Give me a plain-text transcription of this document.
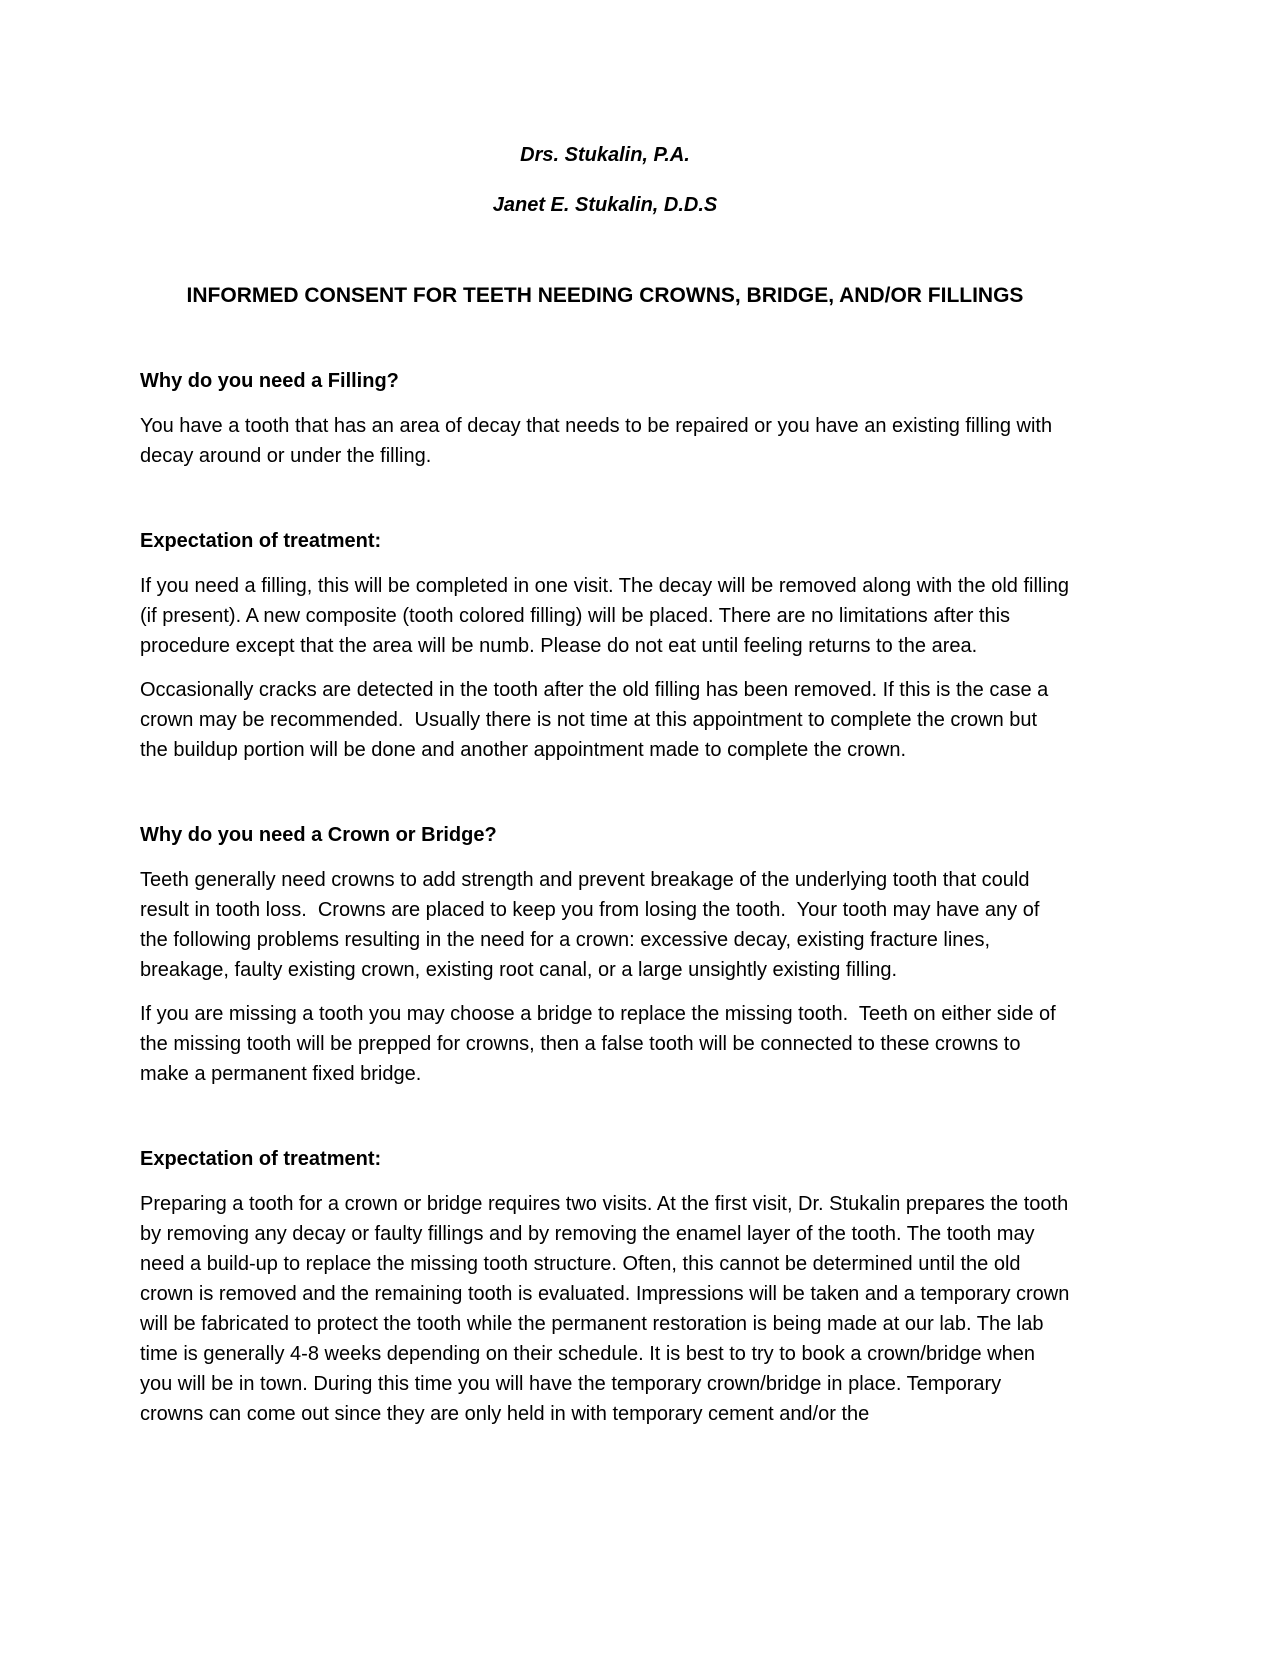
Drs. Stukalin, P.A.

Janet E. Stukalin, D.D.S

INFORMED CONSENT FOR TEETH NEEDING CROWNS, BRIDGE, AND/OR FILLINGS
Why do you need a Filling?

You have a tooth that has an area of decay that needs to be repaired or you have an existing filling with decay around or under the filling.

Expectation of treatment:

If you need a filling, this will be completed in one visit. The decay will be removed along with the old filling (if present). A new composite (tooth colored filling) will be placed. There are no limitations after this procedure except that the area will be numb. Please do not eat until feeling returns to the area.

Occasionally cracks are detected in the tooth after the old filling has been removed. If this is the case a crown may be recommended.  Usually there is not time at this appointment to complete the crown but the buildup portion will be done and another appointment made to complete the crown.

Why do you need a Crown or Bridge?

Teeth generally need crowns to add strength and prevent breakage of the underlying tooth that could result in tooth loss.  Crowns are placed to keep you from losing the tooth.  Your tooth may have any of the following problems resulting in the need for a crown: excessive decay, existing fracture lines, breakage, faulty existing crown, existing root canal, or a large unsightly existing filling.

If you are missing a tooth you may choose a bridge to replace the missing tooth.  Teeth on either side of the missing tooth will be prepped for crowns, then a false tooth will be connected to these crowns to make a permanent fixed bridge.

Expectation of treatment:

Preparing a tooth for a crown or bridge requires two visits. At the first visit, Dr. Stukalin prepares the tooth by removing any decay or faulty fillings and by removing the enamel layer of the tooth. The tooth may need a build-up to replace the missing tooth structure. Often, this cannot be determined until the old crown is removed and the remaining tooth is evaluated. Impressions will be taken and a temporary crown will be fabricated to protect the tooth while the permanent restoration is being made at our lab. The lab time is generally 4-8 weeks depending on their schedule. It is best to try to book a crown/bridge when you will be in town. During this time you will have the temporary crown/bridge in place. Temporary crowns can come out since they are only held in with temporary cement and/or the
